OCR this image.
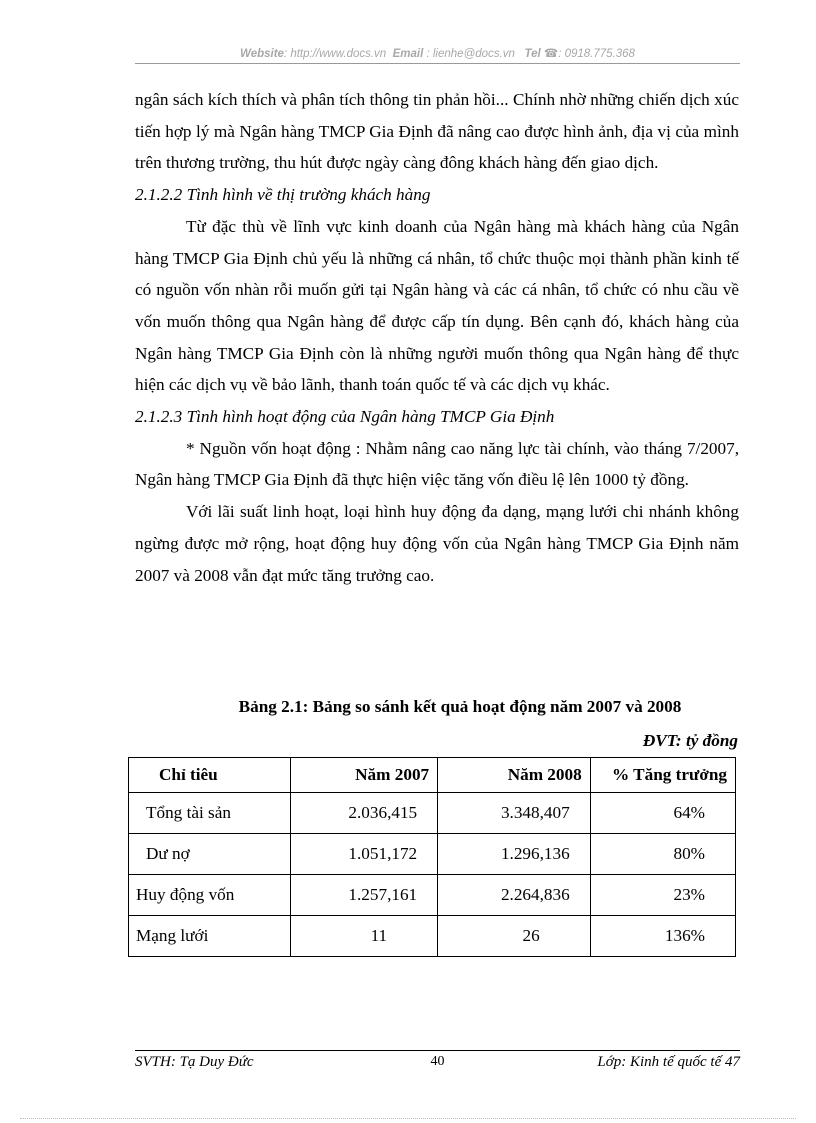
Website: http://www.docs.vn Email : lienhe@docs.vn Tel ☎: 0918.775.368

ngân sách kích thích và phân tích thông tin phản hồi... Chính nhờ những chiến dịch xúc tiến hợp lý mà Ngân hàng TMCP Gia Định đã nâng cao được hình ảnh, địa vị của mình trên thương trường, thu hút được ngày càng đông khách hàng đến giao dịch.

2.1.2.2 Tình hình về thị trường khách hàng

Từ đặc thù về lĩnh vực kinh doanh của Ngân hàng mà khách hàng của Ngân hàng TMCP Gia Định chủ yếu là những cá nhân, tổ chức thuộc mọi thành phần kinh tế có nguồn vốn nhàn rỗi muốn gửi tại Ngân hàng và các cá nhân, tổ chức có nhu cầu về vốn muốn thông qua Ngân hàng để được cấp tín dụng. Bên cạnh đó, khách hàng của Ngân hàng TMCP Gia Định còn là những người muốn thông qua Ngân hàng để thực hiện các dịch vụ về bảo lãnh, thanh toán quốc tế và các dịch vụ khác.

2.1.2.3 Tình hình hoạt động của Ngân hàng TMCP Gia Định

* Nguồn vốn hoạt động : Nhằm nâng cao năng lực tài chính, vào tháng 7/2007, Ngân hàng TMCP Gia Định đã thực hiện việc tăng vốn điều lệ lên 1000 tỷ đồng.

Với lãi suất linh hoạt, loại hình huy động đa dạng, mạng lưới chi nhánh không ngừng được mở rộng, hoạt động huy động vốn của Ngân hàng TMCP Gia Định năm 2007 và 2008 vẫn đạt mức tăng trưởng cao.

Bảng 2.1: Bảng so sánh kết quả hoạt động năm 2007 và 2008
ĐVT: tỷ đồng
Chỉ tiêu	Năm 2007	Năm 2008	% Tăng trưởng
Tổng tài sản	2.036,415	3.348,407	64%
Dư nợ	1.051,172	1.296,136	80%
Huy động vốn	1.257,161	2.264,836	23%
Mạng lưới	11	26	136%
SVTH: Tạ Duy Đức	40	Lớp: Kinh tế quốc tế 47
